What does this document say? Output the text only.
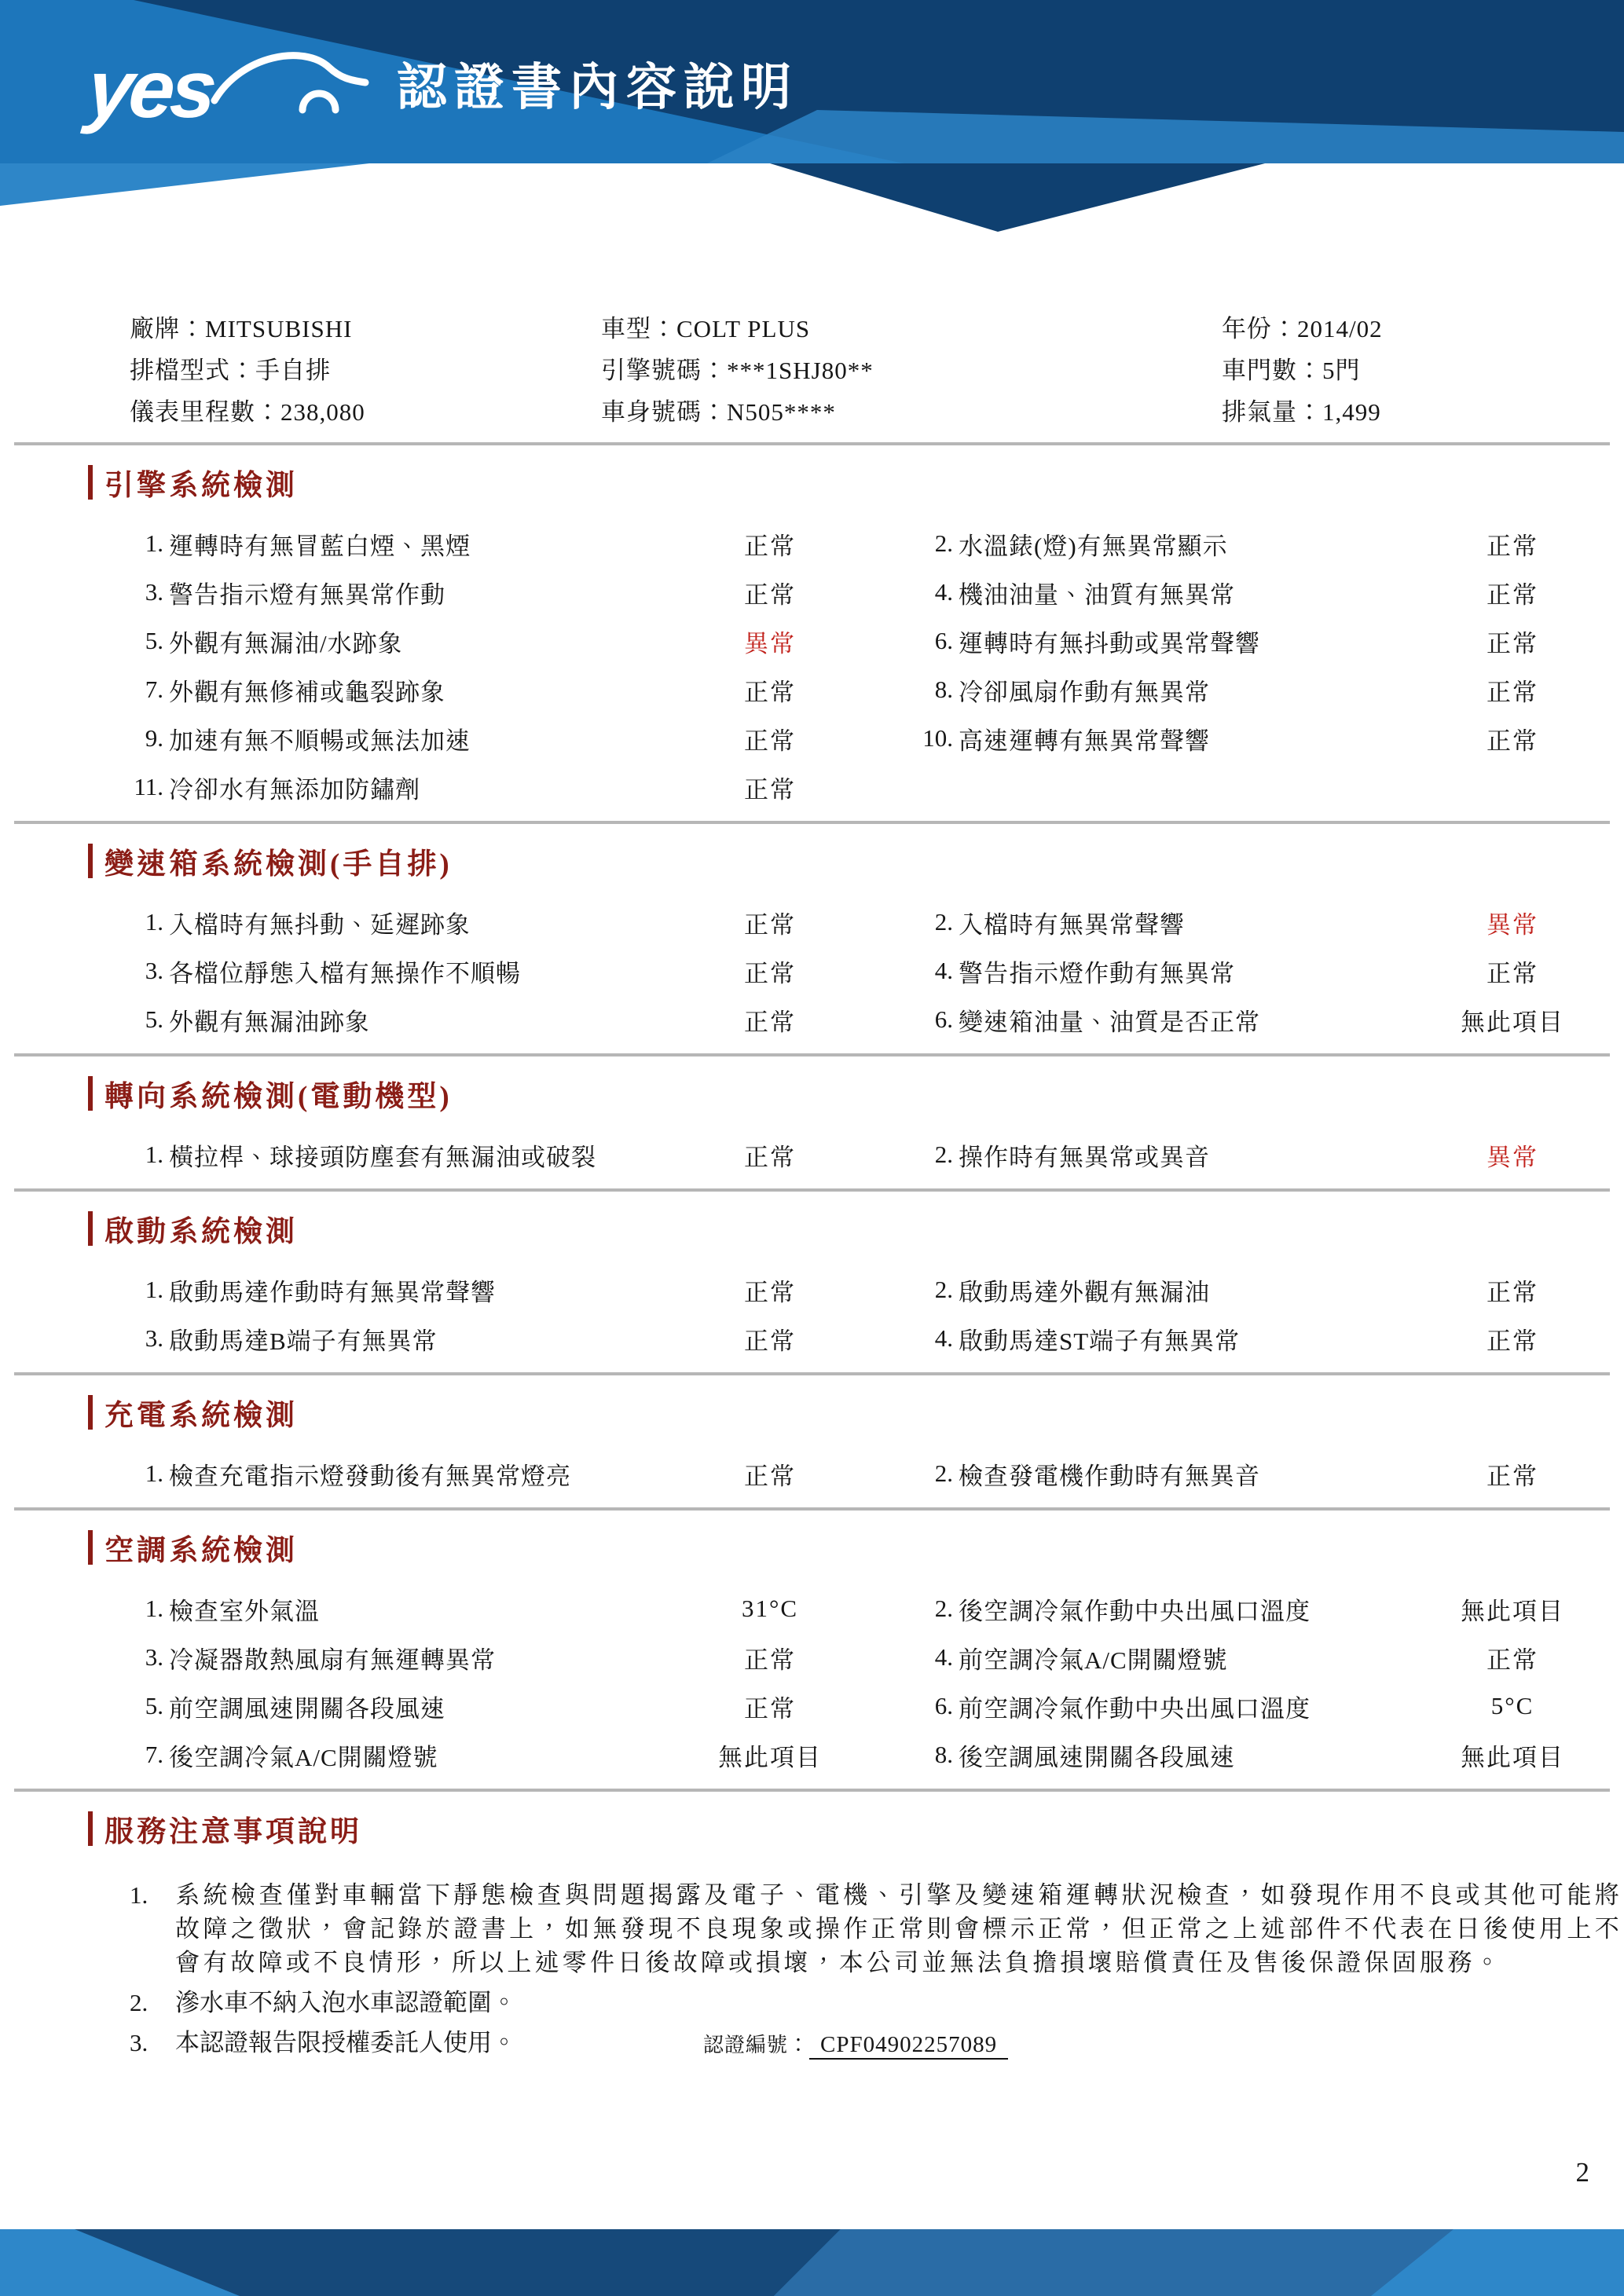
yes	認證書內容說明
廠牌：MITSUBISHI
排檔型式：手自排
儀表里程數：238,080
車型：COLT PLUS
引擎號碼：***1SHJ80**
車身號碼：N505****
年份：2014/02
車門數：5門
排氣量：1,499
引擎系統檢測
1. 運轉時有無冒藍白煙、黑煙	正常	2. 水溫錶(燈)有無異常顯示	正常
3. 警告指示燈有無異常作動	正常	4. 機油油量、油質有無異常	正常
5. 外觀有無漏油/水跡象	異常	6. 運轉時有無抖動或異常聲響	正常
7. 外觀有無修補或龜裂跡象	正常	8. 冷卻風扇作動有無異常	正常
9. 加速有無不順暢或無法加速	正常	10. 高速運轉有無異常聲響	正常
11. 冷卻水有無添加防鏽劑	正常
變速箱系統檢測(手自排)
1. 入檔時有無抖動、延遲跡象	正常	2. 入檔時有無異常聲響	異常
3. 各檔位靜態入檔有無操作不順暢	正常	4. 警告指示燈作動有無異常	正常
5. 外觀有無漏油跡象	正常	6. 變速箱油量、油質是否正常	無此項目
轉向系統檢測(電動機型)
1. 橫拉桿、球接頭防塵套有無漏油或破裂	正常	2. 操作時有無異常或異音	異常
啟動系統檢測
1. 啟動馬達作動時有無異常聲響	正常	2. 啟動馬達外觀有無漏油	正常
3. 啟動馬達B端子有無異常	正常	4. 啟動馬達ST端子有無異常	正常
充電系統檢測
1. 檢查充電指示燈發動後有無異常燈亮	正常	2. 檢查發電機作動時有無異音	正常
空調系統檢測
1. 檢查室外氣溫	31°C	2. 後空調冷氣作動中央出風口溫度	無此項目
3. 冷凝器散熱風扇有無運轉異常	正常	4. 前空調冷氣A/C開關燈號	正常
5. 前空調風速開關各段風速	正常	6. 前空調冷氣作動中央出風口溫度	5°C
7. 後空調冷氣A/C開關燈號	無此項目	8. 後空調風速開關各段風速	無此項目
服務注意事項說明
1.	系統檢查僅對車輛當下靜態檢查與問題揭露及電子、電機、引擎及變速箱運轉狀況檢查，如發現作用不良或其他可能將故障之徵狀，會記錄於證書上，如無發現不良現象或操作正常則會標示正常，但正常之上述部件不代表在日後使用上不會有故障或不良情形，所以上述零件日後故障或損壞，本公司並無法負擔損壞賠償責任及售後保證保固服務。
2.	滲水車不納入泡水車認證範圍。
3.	本認證報告限授權委託人使用。	認證編號： CPF04902257089
2
